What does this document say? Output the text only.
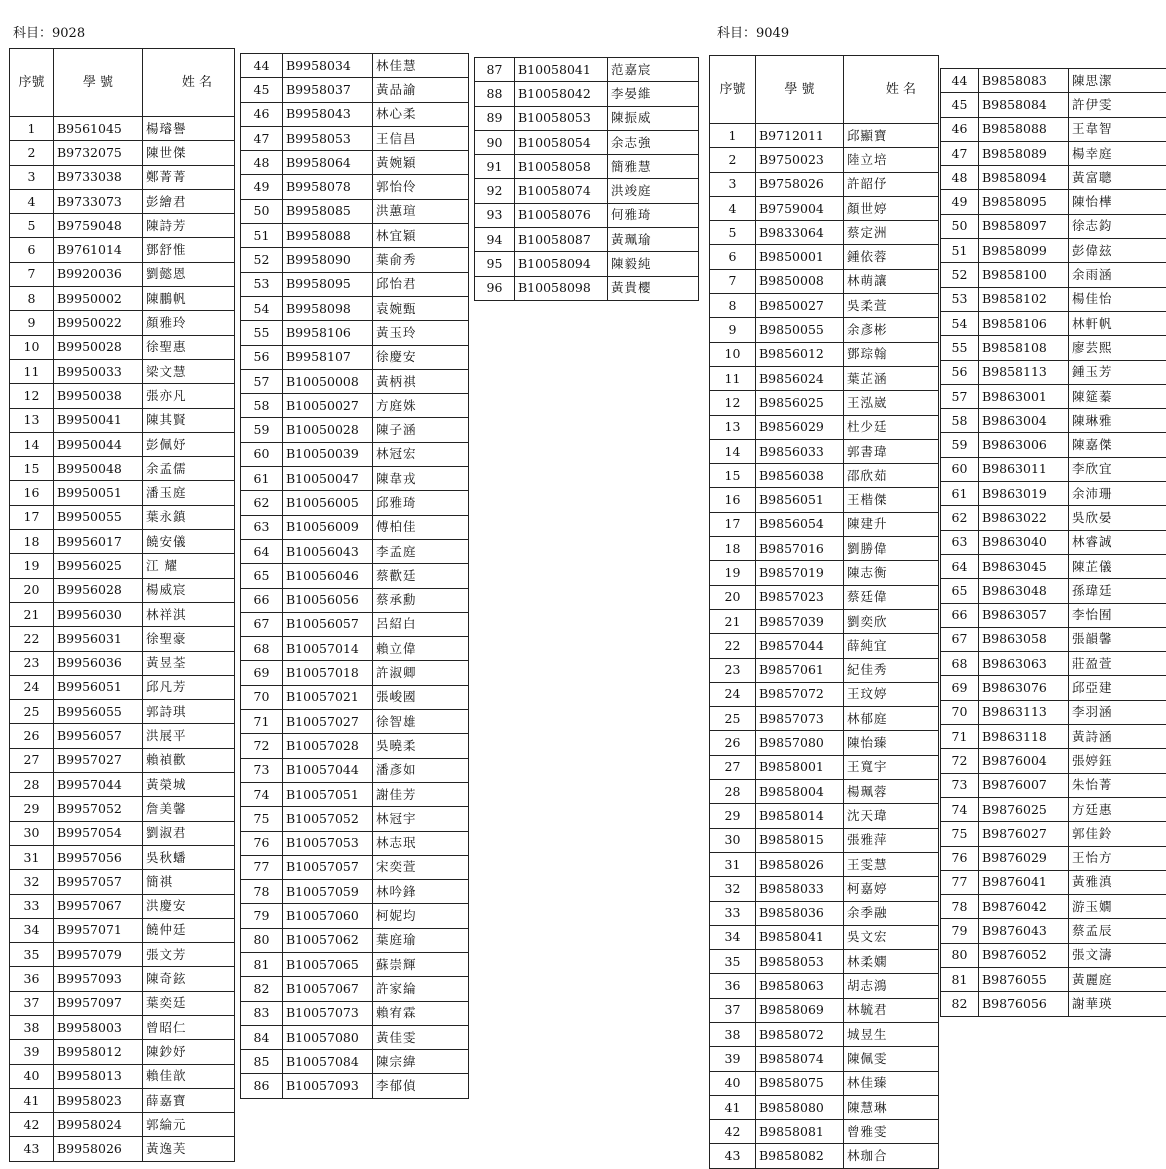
科目：9028	科目：9049
序號	學 號	姓 名
1	B9561045	楊璿譽
2	B9732075	陳世傑
3	B9733038	鄭菁菁
4	B9733073	彭繪君
5	B9759048	陳詩芳
6	B9761014	鄧舒惟
7	B9920036	劉懿恩
8	B9950002	陳鵬帆
9	B9950022	顏雅玲
10	B9950028	徐聖惠
11	B9950033	梁文慧
12	B9950038	張亦凡
13	B9950041	陳其賢
14	B9950044	彭佩妤
15	B9950048	余孟儒
16	B9950051	潘玉庭
17	B9950055	葉永鎮
18	B9956017	饒安儀
19	B9956025	江 耀
20	B9956028	楊威宸
21	B9956030	林祥淇
22	B9956031	徐聖豪
23	B9956036	黃昱荃
24	B9956051	邱凡芳
25	B9956055	郭詩琪
26	B9956057	洪展平
27	B9957027	賴禎歡
28	B9957044	黃榮城
29	B9957052	詹美馨
30	B9957054	劉淑君
31	B9957056	吳秋蟠
32	B9957057	簡祺
33	B9957067	洪慶安
34	B9957071	饒仲廷
35	B9957079	張文芳
36	B9957093	陳奇鉉
37	B9957097	葉奕廷
38	B9958003	曾昭仁
39	B9958012	陳鈔妤
40	B9958013	賴佳歆
41	B9958023	薛嘉寶
42	B9958024	郭綸元
43	B9958026	黃逸芙
44	B9958034	林佳慧
45	B9958037	黃品諭
46	B9958043	林心柔
47	B9958053	王信昌
48	B9958064	黃婉穎
49	B9958078	郭怡伶
50	B9958085	洪蕙瑄
51	B9958088	林宜穎
52	B9958090	葉俞秀
53	B9958095	邱怡君
54	B9958098	袁婉甄
55	B9958106	黃玉玲
56	B9958107	徐慶安
57	B10050008	黃柄祺
58	B10050027	方庭姝
59	B10050028	陳子涵
60	B10050039	林冠宏
61	B10050047	陳韋戎
62	B10056005	邱雅琦
63	B10056009	傅柏佳
64	B10056043	李孟庭
65	B10056046	蔡歡廷
66	B10056056	蔡承勳
67	B10056057	呂紹白
68	B10057014	賴立偉
69	B10057018	許淑卿
70	B10057021	張峻國
71	B10057027	徐智雄
72	B10057028	吳曉柔
73	B10057044	潘彥如
74	B10057051	謝佳芳
75	B10057052	林冠宇
76	B10057053	林志珉
77	B10057057	宋奕萱
78	B10057059	林吟鋒
79	B10057060	柯妮均
80	B10057062	葉庭瑜
81	B10057065	蘇崇輝
82	B10057067	許家綸
83	B10057073	賴宥霖
84	B10057080	黃佳雯
85	B10057084	陳宗緯
86	B10057093	李郁偵
87	B10058041	范嘉宸
88	B10058042	李晏維
89	B10058053	陳振威
90	B10058054	余志強
91	B10058058	簡雅慧
92	B10058074	洪竣庭
93	B10058076	何雅琦
94	B10058087	黃珮瑜
95	B10058094	陳毅純
96	B10058098	黃貴櫻
序號	學 號	姓 名
1	B9712011	邱顯寶
2	B9750023	陸立培
3	B9758026	許韶伃
4	B9759004	顏世婷
5	B9833064	蔡定洲
6	B9850001	鍾依蓉
7	B9850008	林萌讓
8	B9850027	吳柔萱
9	B9850055	余彥彬
10	B9856012	鄧琮翰
11	B9856024	葉芷涵
12	B9856025	王泓崴
13	B9856029	杜少廷
14	B9856033	郭書瑋
15	B9856038	邵欣茹
16	B9856051	王楷傑
17	B9856054	陳建升
18	B9857016	劉勝偉
19	B9857019	陳志衡
20	B9857023	蔡廷偉
21	B9857039	劉奕欣
22	B9857044	薛純宜
23	B9857061	紀佳秀
24	B9857072	王玟婷
25	B9857073	林郁庭
26	B9857080	陳怡臻
27	B9858001	王寬宇
28	B9858004	楊珮蓉
29	B9858014	沈天瑋
30	B9858015	張雅萍
31	B9858026	王雯慧
32	B9858033	柯嘉婷
33	B9858036	余季融
34	B9858041	吳文宏
35	B9858053	林柔嫻
36	B9858063	胡志鴻
37	B9858069	林毓君
38	B9858072	城昱生
39	B9858074	陳佩雯
40	B9858075	林佳臻
41	B9858080	陳慧琳
42	B9858081	曾雅雯
43	B9858082	林珈合
44	B9858083	陳思潔
45	B9858084	許伊雯
46	B9858088	王韋智
47	B9858089	楊幸庭
48	B9858094	黃富聰
49	B9858095	陳怡樺
50	B9858097	徐志鈞
51	B9858099	彭偉玆
52	B9858100	余雨涵
53	B9858102	楊佳怡
54	B9858106	林軒帆
55	B9858108	廖芸熙
56	B9858113	鍾玉芳
57	B9863001	陳筵蓁
58	B9863004	陳琳雅
59	B9863006	陳嘉傑
60	B9863011	李欣宜
61	B9863019	余沛珊
62	B9863022	吳欣晏
63	B9863040	林睿誠
64	B9863045	陳芷儀
65	B9863048	孫瑋廷
66	B9863057	李怡囿
67	B9863058	張韻馨
68	B9863063	莊盈萱
69	B9863076	邱亞建
70	B9863113	李羽涵
71	B9863118	黃詩涵
72	B9876004	張婷鈺
73	B9876007	朱怡菁
74	B9876025	方廷惠
75	B9876027	郭佳鈴
76	B9876029	王怡方
77	B9876041	黃雅滇
78	B9876042	游玉嫺
79	B9876043	蔡孟辰
80	B9876052	張文濤
81	B9876055	黃麗庭
82	B9876056	謝華瑛
